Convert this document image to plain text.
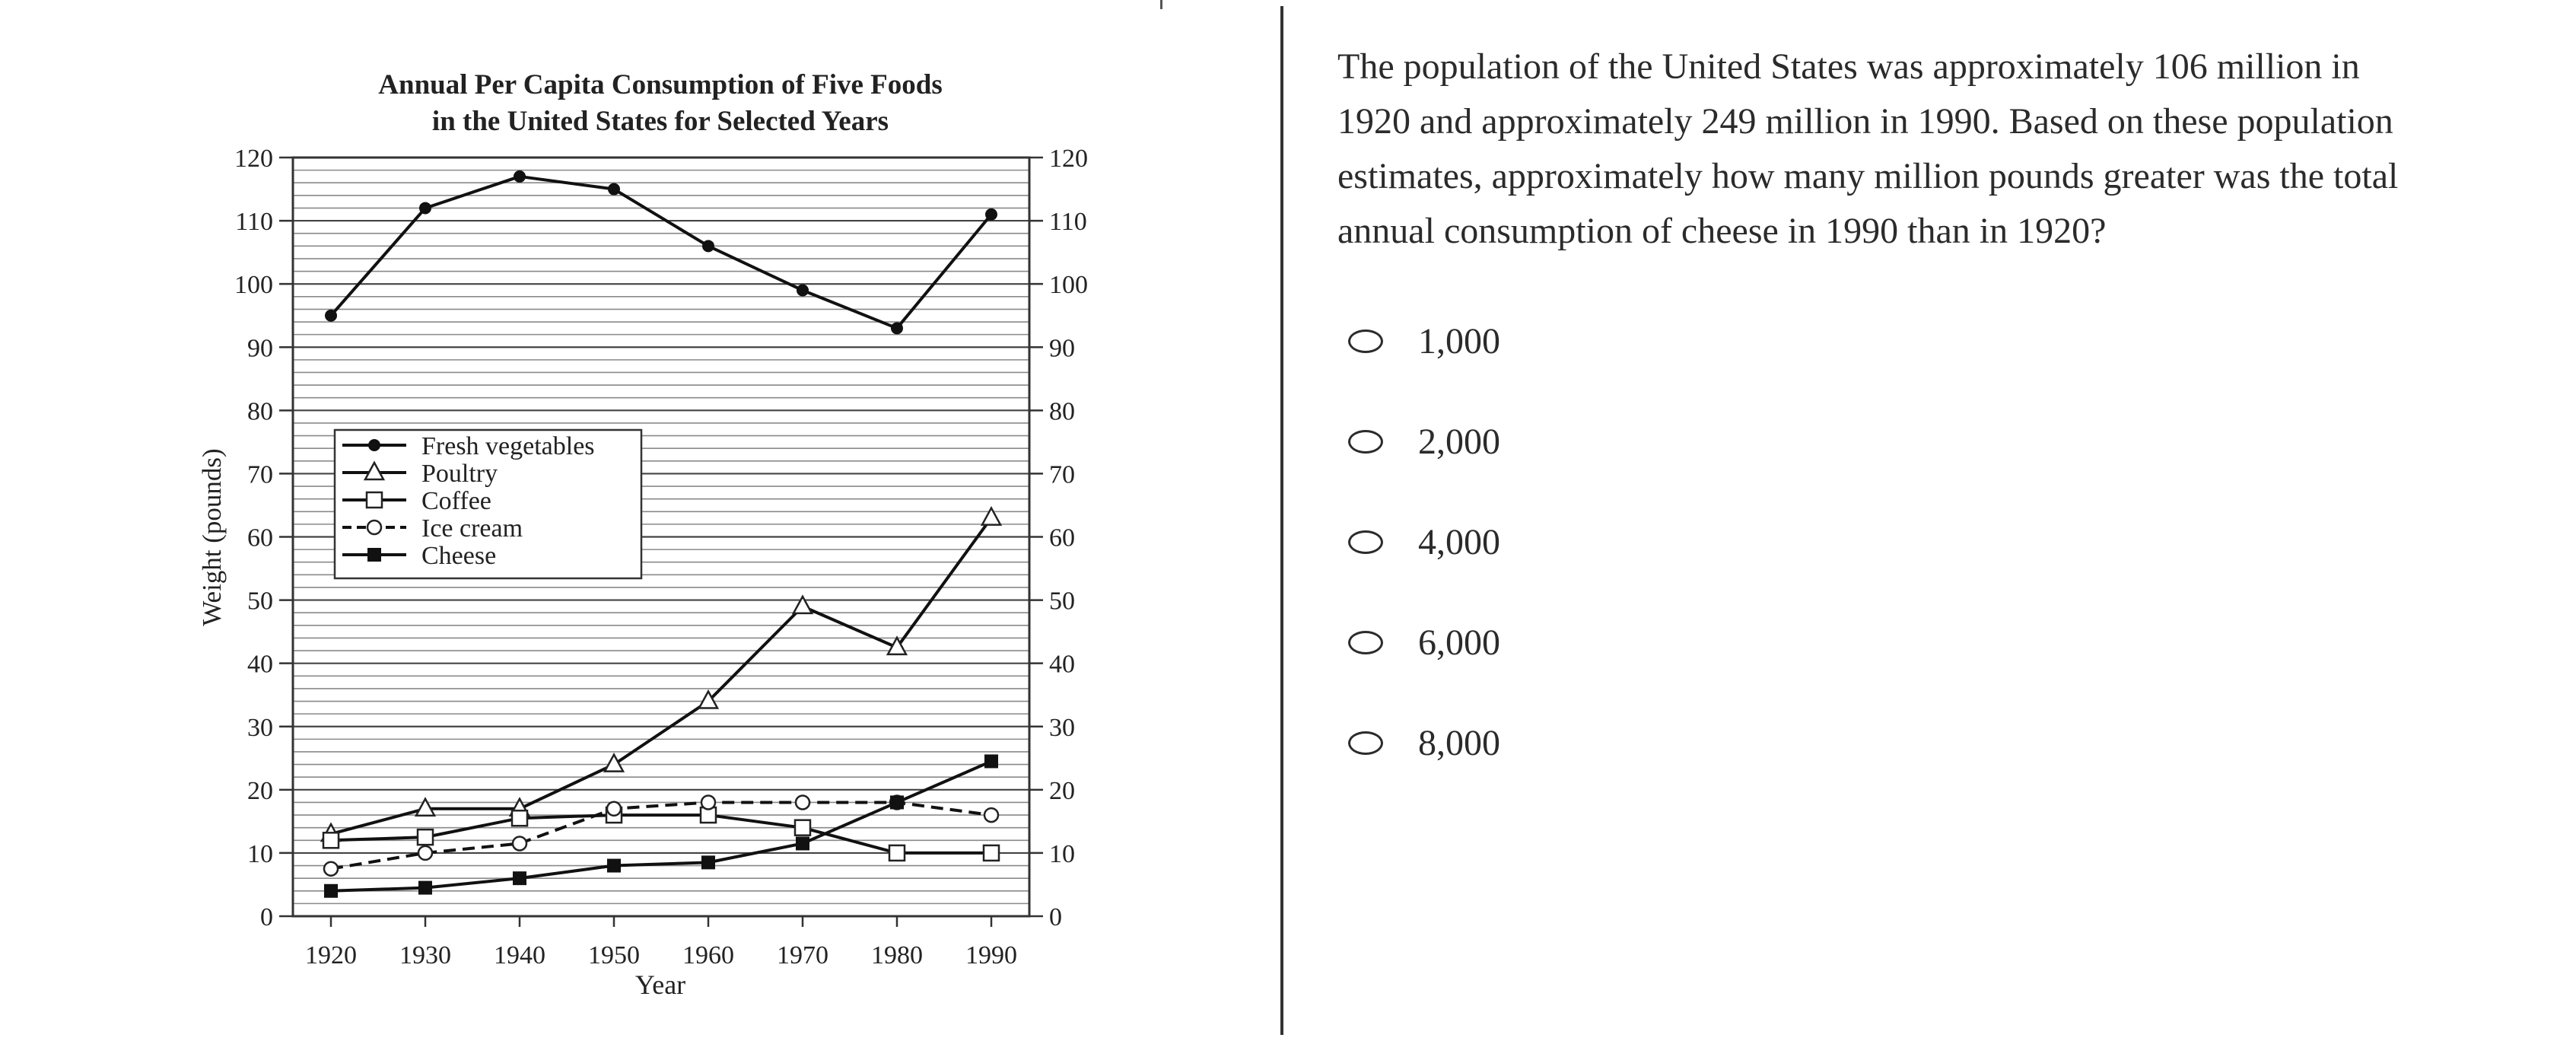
0	0
10	10
20	20
30	30
40	40
50	50
60	60
70	70
80	80
90	90
100	100
110	110
120	120
1920 1930 1940 1950 1960 1970 1980 1990
Annual Per Capita Consumption of Five Foods
in the United States for Selected Years
Year
Weight (pounds)
Fresh vegetables
Poultry
Coffee
Ice cream
Cheese

The population of the United States was approximately 106 million in 1920 and approximately 249 million in 1990. Based on these population estimates, approximately how many million pounds greater was the total annual consumption of cheese in 1990 than in 1920?

1,000
2,000
4,000
6,000
8,000
